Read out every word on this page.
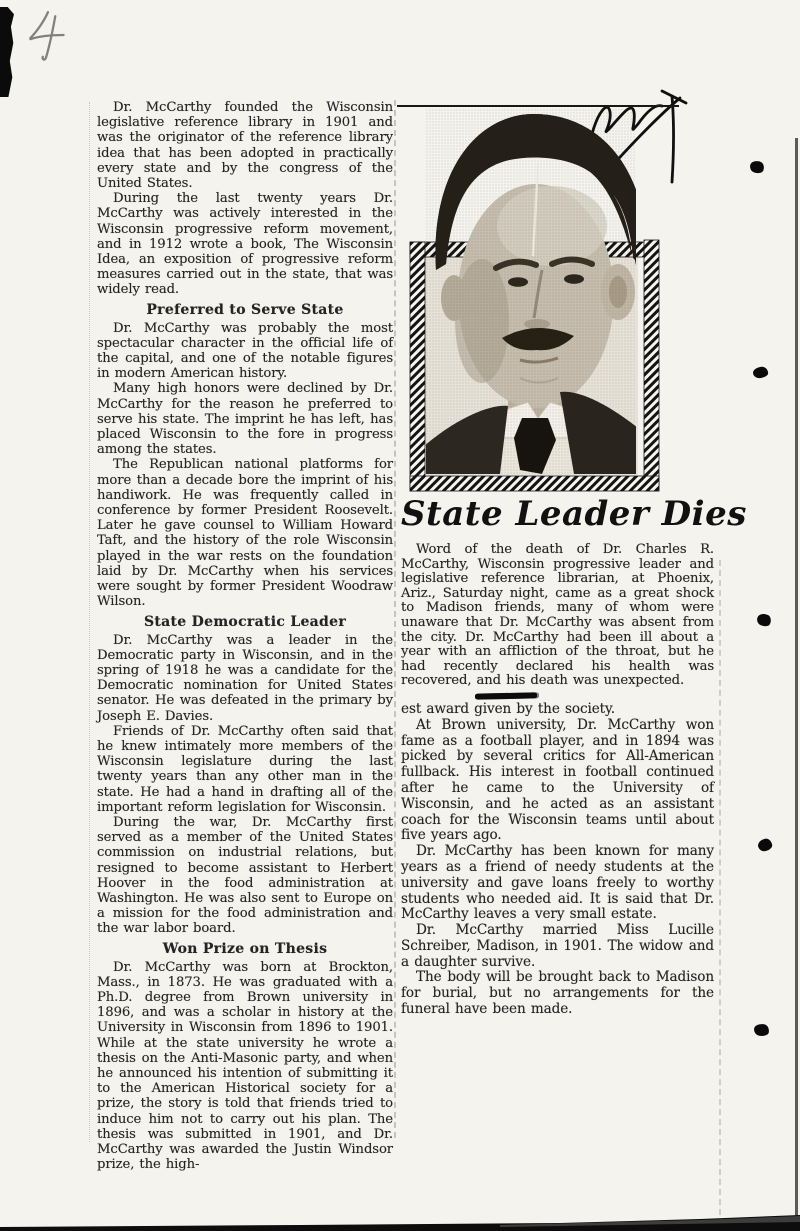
Dr. McCarthy founded the Wisconsin legislative reference library in 1901 and was the originator of the reference library idea that has been adopted in practically every state and by the congress of the United States.

During the last twenty years Dr. McCarthy was actively interested in the Wisconsin progressive reform movement, and in 1912 wrote a book, The Wisconsin Idea, an exposition of progressive reform measures carried out in the state, that was widely read.

Preferred to Serve State

Dr. McCarthy was probably the most spectacular character in the official life of the capital, and one of the notable figures in modern American history.

Many high honors were declined by Dr. McCarthy for the reason he preferred to serve his state. The imprint he has left, has placed Wisconsin to the fore in progress among the states.

The Republican national platforms for more than a decade bore the imprint of his handiwork. He was frequently called in conference by former President Roosevelt. Later he gave counsel to William Howard Taft, and the history of the role Wisconsin played in the war rests on the foundation laid by Dr. McCarthy when his services were sought by former President Woodraw Wilson.

State Democratic Leader

Dr. McCarthy was a leader in the Democratic party in Wisconsin, and in the spring of 1918 he was a candidate for the Democratic nomination for United States senator. He was defeated in the primary by Joseph E. Davies.

Friends of Dr. McCarthy often said that he knew intimately more members of the Wisconsin legislature during the last twenty years than any other man in the state. He had a hand in drafting all of the important reform legislation for Wisconsin.

During the war, Dr. McCarthy first served as a member of the United States commission on industrial relations, but resigned to become assistant to Herbert Hoover in the food administration at Washington. He was also sent to Europe on a mission for the food administration and the war labor board.

Won Prize on Thesis

Dr. McCarthy was born at Brockton, Mass., in 1873. He was graduated with a Ph.D. degree from Brown university in 1896, and was a scholar in history at the University in Wisconsin from 1896 to 1901. While at the state university he wrote a thesis on the Anti-Masonic party, and when he announced his intention of submitting it to the American Historical society for a prize, the story is told that friends tried to induce him not to carry out his plan. The thesis was submitted in 1901, and Dr. McCarthy was awarded the Justin Windsor prize, the high-

State Leader Dies

Word of the death of Dr. Charles R. McCarthy, Wisconsin progressive leader and legislative reference librarian, at Phoenix, Ariz., Saturday night, came as a great shock to Madison friends, many of whom were unaware that Dr. McCarthy was absent from the city. Dr. McCarthy had been ill about a year with an affliction of the throat, but he had recently declared his health was recovered, and his death was unexpected.

est award given by the society.

At Brown university, Dr. McCarthy won fame as a football player, and in 1894 was picked by several critics for All-American fullback. His interest in football continued after he came to the University of Wisconsin, and he acted as an assistant coach for the Wisconsin teams until about five years ago.

Dr. McCarthy has been known for many years as a friend of needy students at the university and gave loans freely to worthy students who needed aid. It is said that Dr. McCarthy leaves a very small estate.

Dr. McCarthy married Miss Lucille Schreiber, Madison, in 1901. The widow and a daughter survive.

The body will be brought back to Madison for burial, but no arrangements for the funeral have been made.
